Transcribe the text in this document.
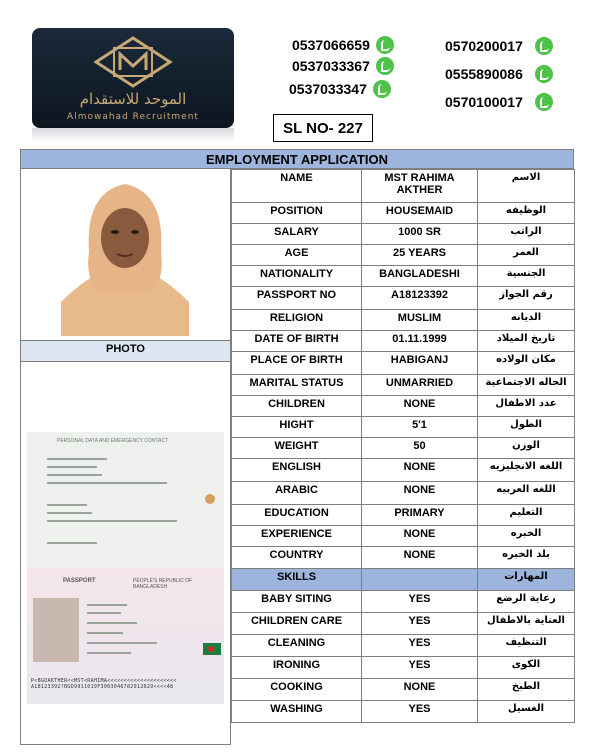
الموحد للاستقدام
Almowahad Recruitment
0537066659
0537033367
0537033347
0570200017
0555890086
0570100017
SL NO- 227
EMPLOYMENT APPLICATION
PHOTO
PERSONAL DATA AND EMERGENCY CONTACT
PASSPORT	PEOPLE'S REPUBLIC OF BANGLADESH
P<BGDAKTHER<<MST<RAHIMA<<<<<<<<<<<<<<<<<<<<<
A18123392?BGD9911019F3003046782912029<<<<48
NAME	MST RAHIMA AKTHER	الاسم
POSITION	HOUSEMAID	الوظيفه
SALARY	1000 SR	الراتب
AGE	25 YEARS	العمر
NATIONALITY	BANGLADESHI	الجنسية
PASSPORT NO	A18123392	رقم الجواز
RELIGION	MUSLIM	الديانه
DATE OF BIRTH	01.11.1999	تاريخ الميلاد
PLACE OF BIRTH	HABIGANJ	مكان الولاده
MARITAL STATUS	UNMARRIED	الحاله الاجتماعية
CHILDREN	NONE	عدد الاطفال
HIGHT	5'1	الطول
WEIGHT	50	الوزن
ENGLISH	NONE	اللغه الانجليزيه
ARABIC	NONE	اللغه العربيه
EDUCATION	PRIMARY	التعليم
EXPERIENCE	NONE	الخبره
COUNTRY	NONE	بلد الخبره
SKILLS		المهارات
BABY SITING	YES	رعاية الرضع
CHILDREN CARE	YES	العناية بالاطفال
CLEANING	YES	التنظيف
IRONING	YES	الكوى
COOKING	NONE	الطبخ
WASHING	YES	الغسيل
